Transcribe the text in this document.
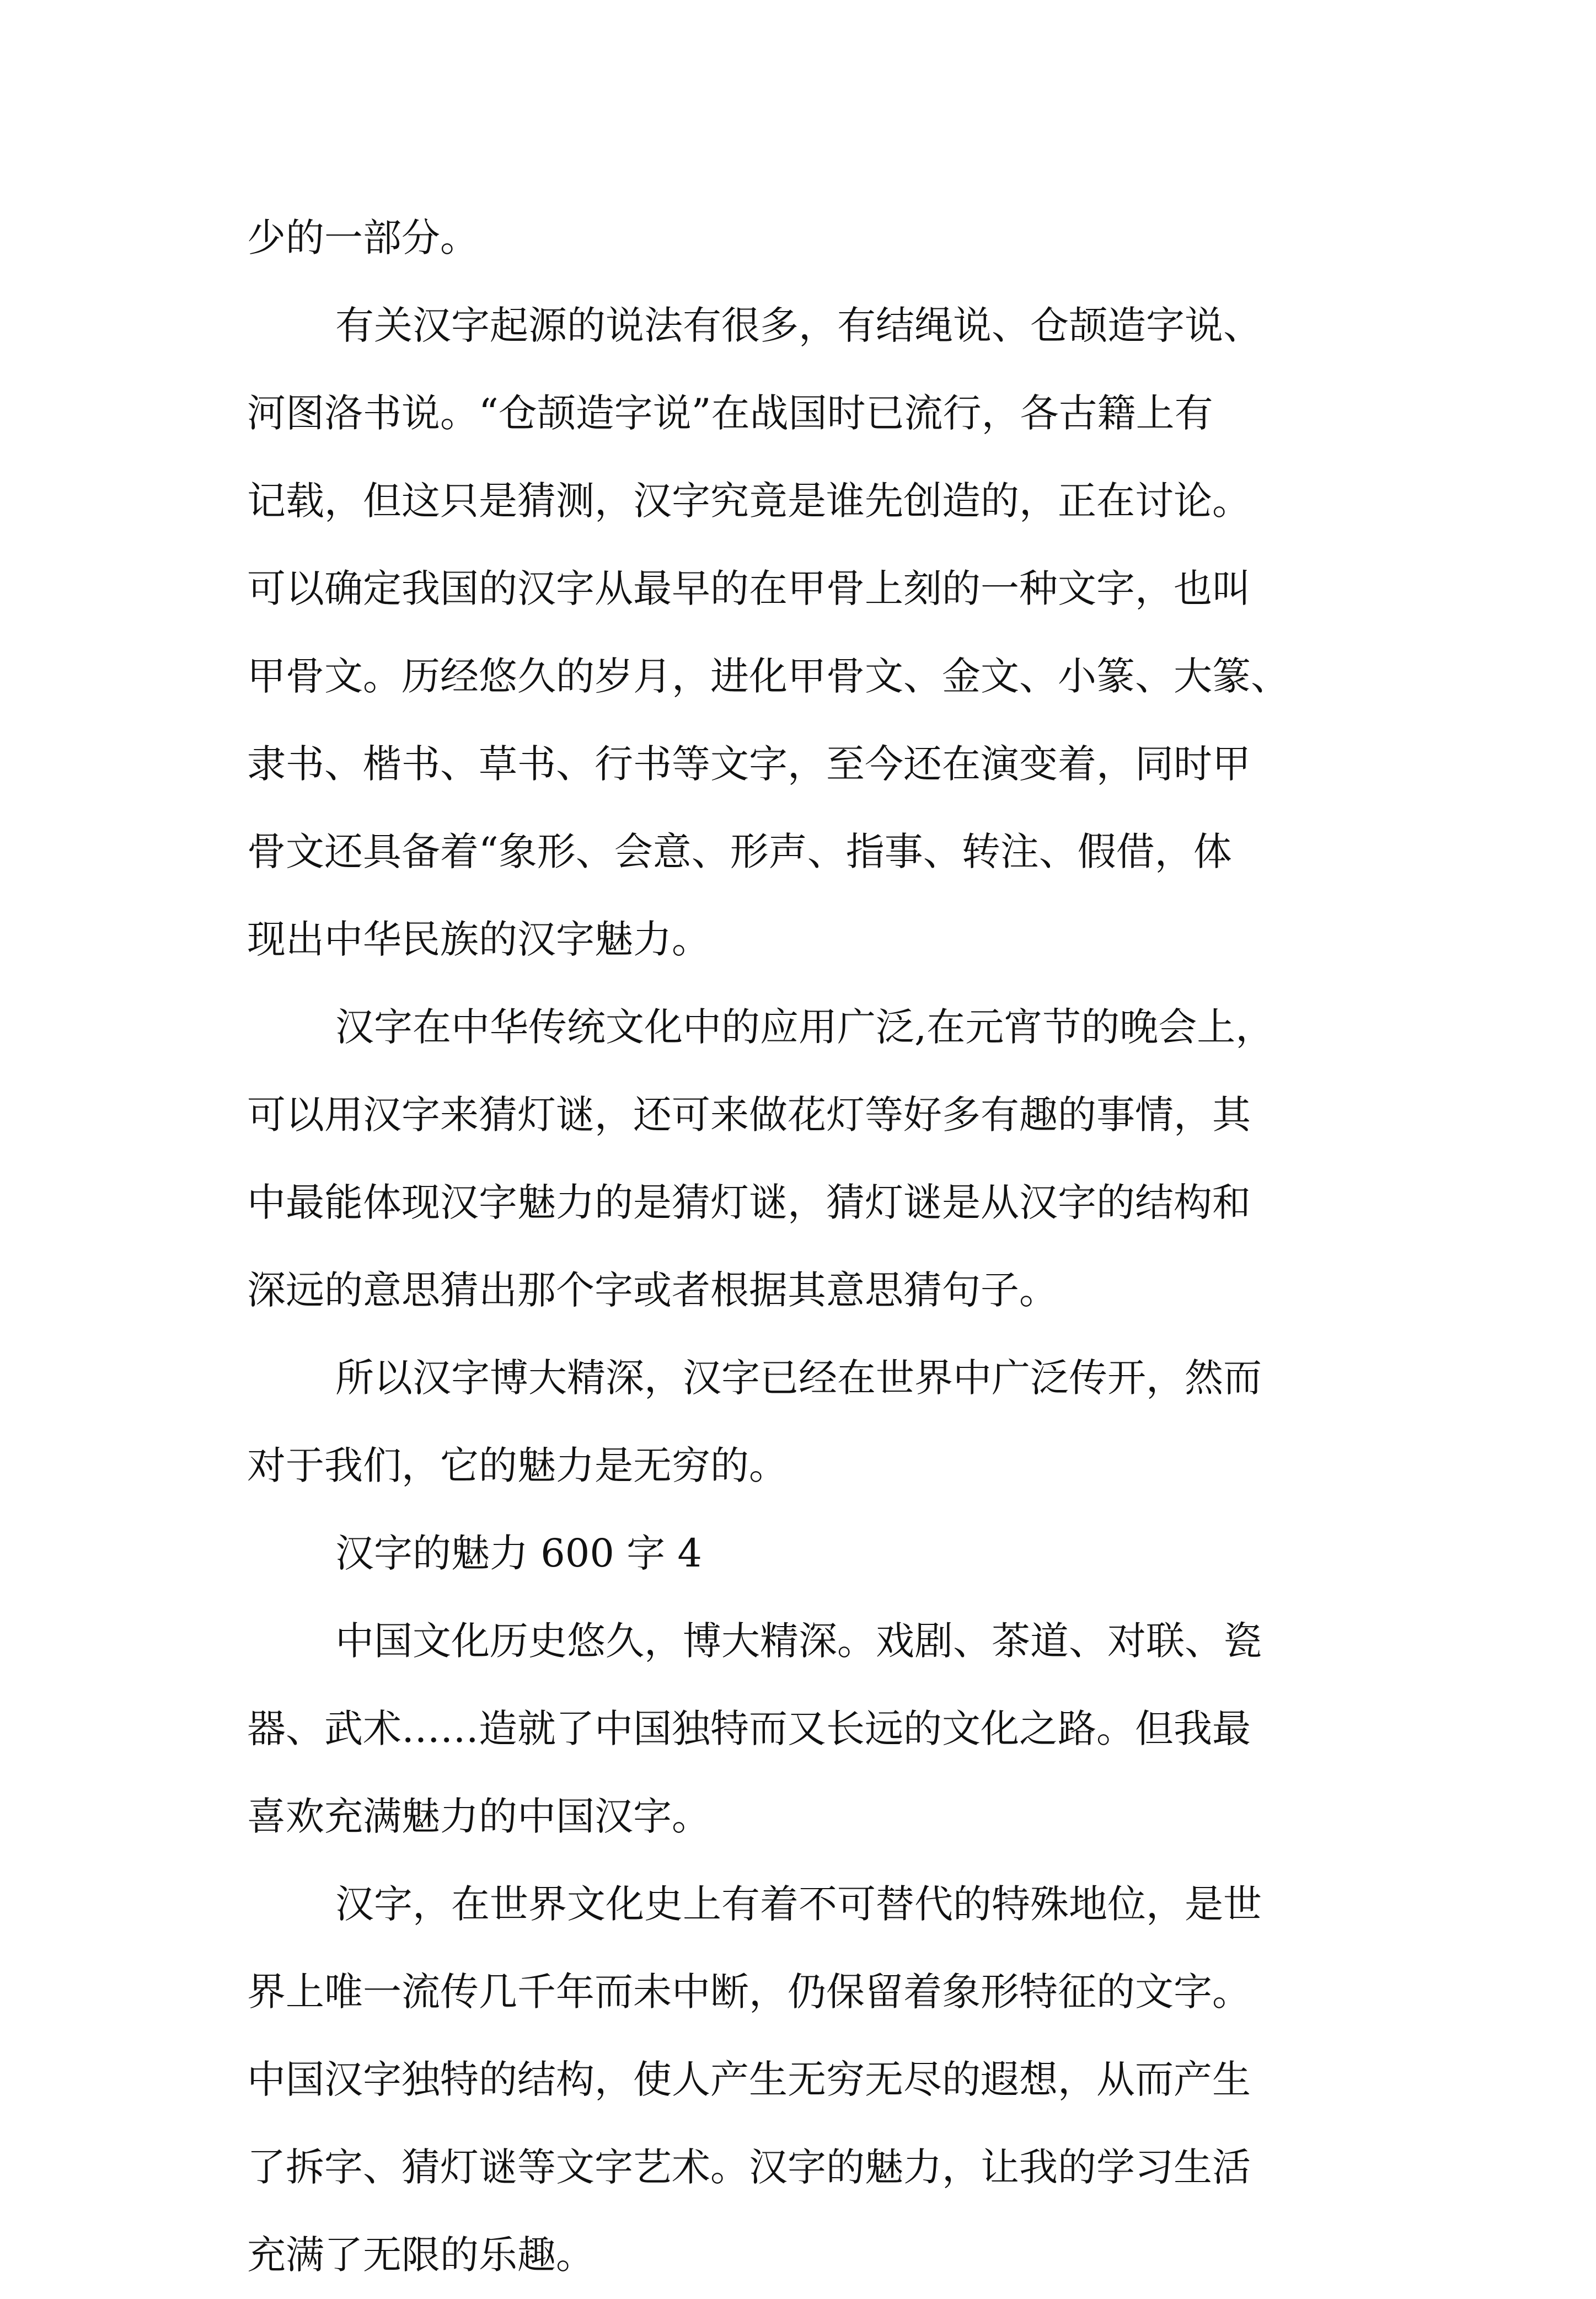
少的一部分。
有关汉字起源的说法有很多，有结绳说、仓颉造字说、
河图洛书说。“仓颉造字说”在战国时已流行，各古籍上有
记载，但这只是猜测，汉字究竟是谁先创造的，正在讨论。
可以确定我国的汉字从最早的在甲骨上刻的一种文字，也叫
甲骨文。历经悠久的岁月，进化甲骨文、金文、小篆、大篆、
隶书、楷书、草书、行书等文字，至今还在演变着，同时甲
骨文还具备着“象形、会意、形声、指事、转注、假借，体
现出中华民族的汉字魅力。
汉字在中华传统文化中的应用广泛,在元宵节的晚会上，
可以用汉字来猜灯谜，还可来做花灯等好多有趣的事情，其
中最能体现汉字魅力的是猜灯谜，猜灯谜是从汉字的结构和
深远的意思猜出那个字或者根据其意思猜句子。
所以汉字博大精深，汉字已经在世界中广泛传开，然而
对于我们，它的魅力是无穷的。
汉字的魅力 600 字 4
中国文化历史悠久，博大精深。戏剧、茶道、对联、瓷
器、武术……造就了中国独特而又长远的文化之路。但我最
喜欢充满魅力的中国汉字。
汉字，在世界文化史上有着不可替代的特殊地位，是世
界上唯一流传几千年而未中断，仍保留着象形特征的文字。
中国汉字独特的结构，使人产生无穷无尽的遐想，从而产生
了拆字、猜灯谜等文字艺术。汉字的魅力，让我的学习生活
充满了无限的乐趣。
